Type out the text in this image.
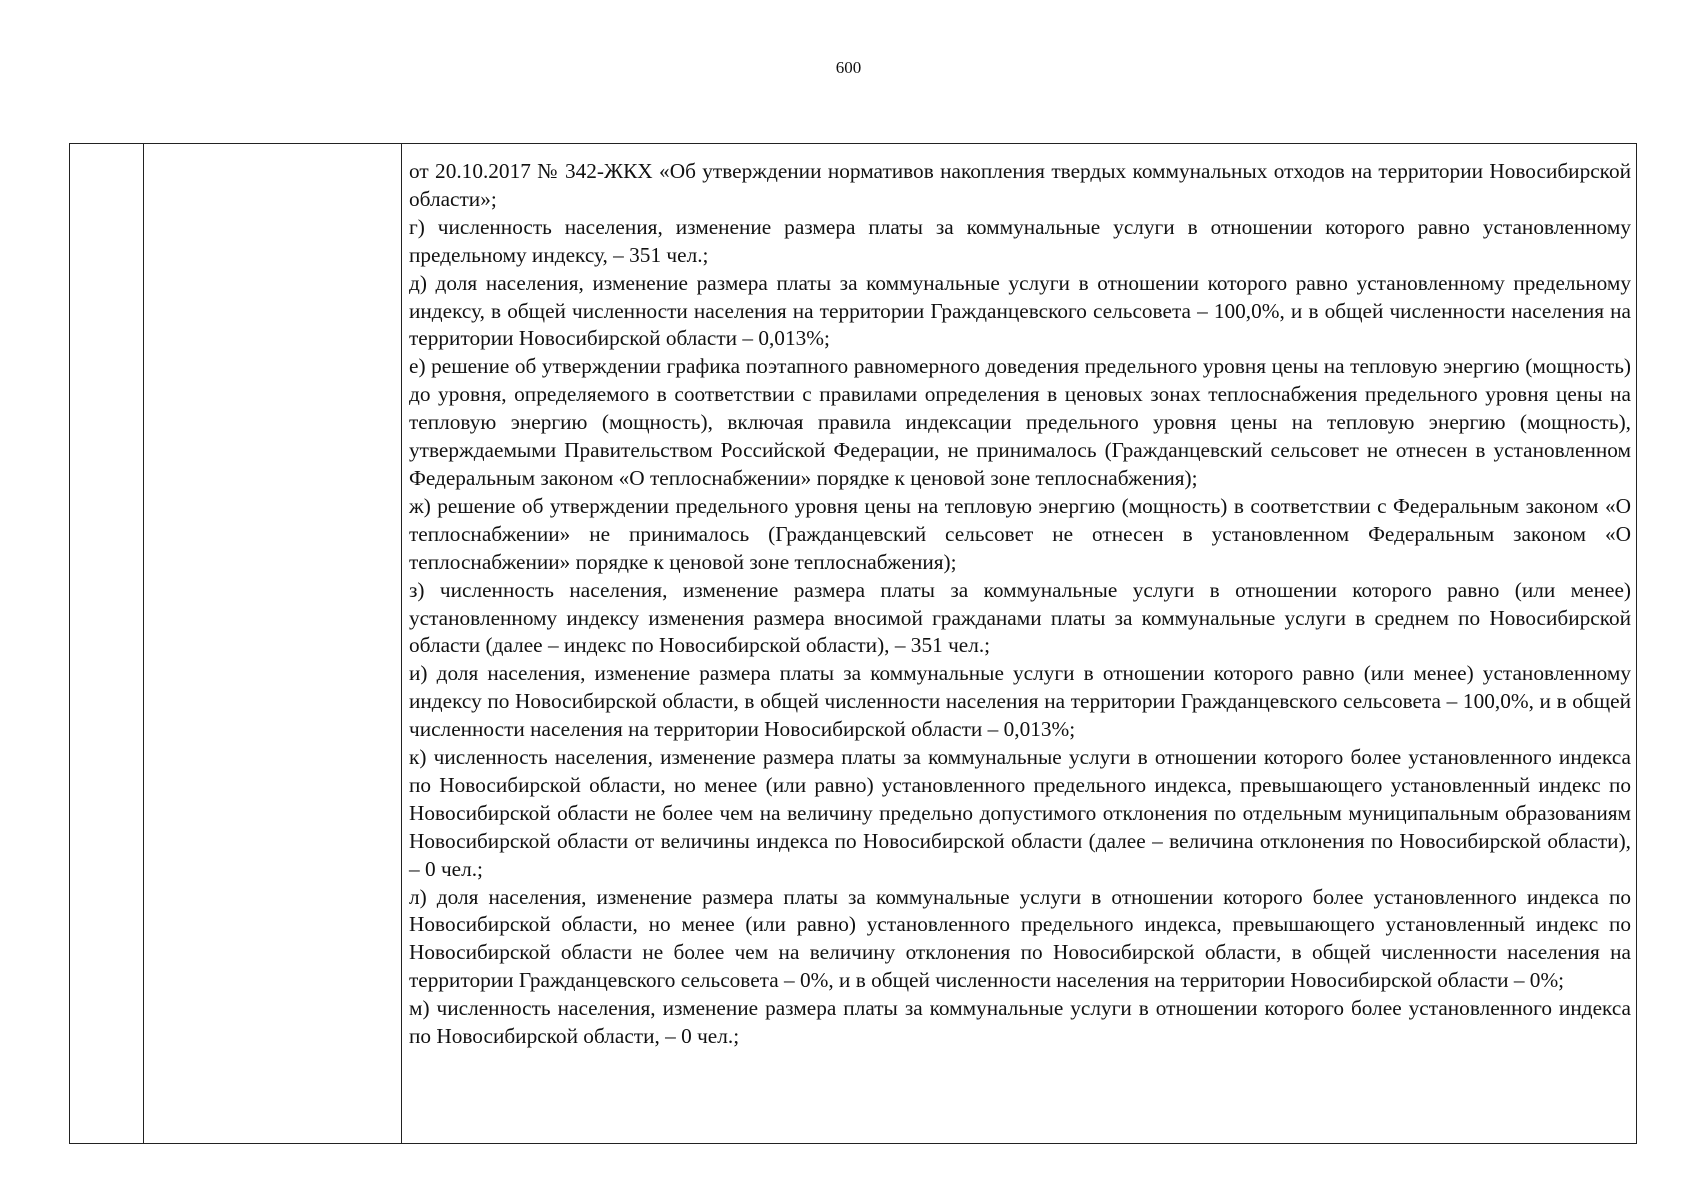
600

от 20.10.2017 № 342-ЖКХ «Об утверждении нормативов накопления твердых коммунальных отходов на территории Новосибирской области»;

г) численность населения, изменение размера платы за коммунальные услуги в отношении которого равно установленному предельному индексу, – 351 чел.;

д) доля населения, изменение размера платы за коммунальные услуги в отношении которого равно установленному предельному индексу, в общей численности населения на территории Гражданцевского сельсовета – 100,0%, и в общей численности населения на территории Новосибирской области – 0,013%;

е) решение об утверждении графика поэтапного равномерного доведения предельного уровня цены на тепловую энергию (мощность) до уровня, определяемого в соответствии с правилами определения в ценовых зонах теплоснабжения предельного уровня цены на тепловую энергию (мощность), включая правила индексации предельного уровня цены на тепловую энергию (мощность), утверждаемыми Правительством Российской Федерации, не принималось (Гражданцевский сельсовет не отнесен в установленном Федеральным законом «О теплоснабжении» порядке к ценовой зоне теплоснабжения);

ж) решение об утверждении предельного уровня цены на тепловую энергию (мощность) в соответствии с Федеральным законом «О теплоснабжении» не принималось (Гражданцевский сельсовет не отнесен в установленном Федеральным законом «О теплоснабжении» порядке к ценовой зоне теплоснабжения);

з) численность населения, изменение размера платы за коммунальные услуги в отношении которого равно (или менее) установленному индексу изменения размера вносимой гражданами платы за коммунальные услуги в среднем по Новосибирской области (далее – индекс по Новосибирской области), – 351 чел.;

и) доля населения, изменение размера платы за коммунальные услуги в отношении которого равно (или менее) установленному индексу по Новосибирской области, в общей численности населения на территории Гражданцевского сельсовета – 100,0%, и в общей численности населения на территории Новосибирской области – 0,013%;

к) численность населения, изменение размера платы за коммунальные услуги в отношении которого более установленного индекса по Новосибирской области, но менее (или равно) установленного предельного индекса, превышающего установленный индекс по Новосибирской области не более чем на величину предельно допустимого отклонения по отдельным муниципальным образованиям Новосибирской области от величины индекса по Новосибирской области (далее – величина отклонения по Новосибирской области), – 0 чел.;

л) доля населения, изменение размера платы за коммунальные услуги в отношении которого более установленного индекса по Новосибирской области, но менее (или равно) установленного предельного индекса, превышающего установленный индекс по Новосибирской области не более чем на величину отклонения по Новосибирской области, в общей численности населения на территории Гражданцевского сельсовета – 0%, и в общей численности населения на территории Новосибирской области – 0%;

м) численность населения, изменение размера платы за коммунальные услуги в отношении которого более установленного индекса по Новосибирской области, – 0 чел.;
